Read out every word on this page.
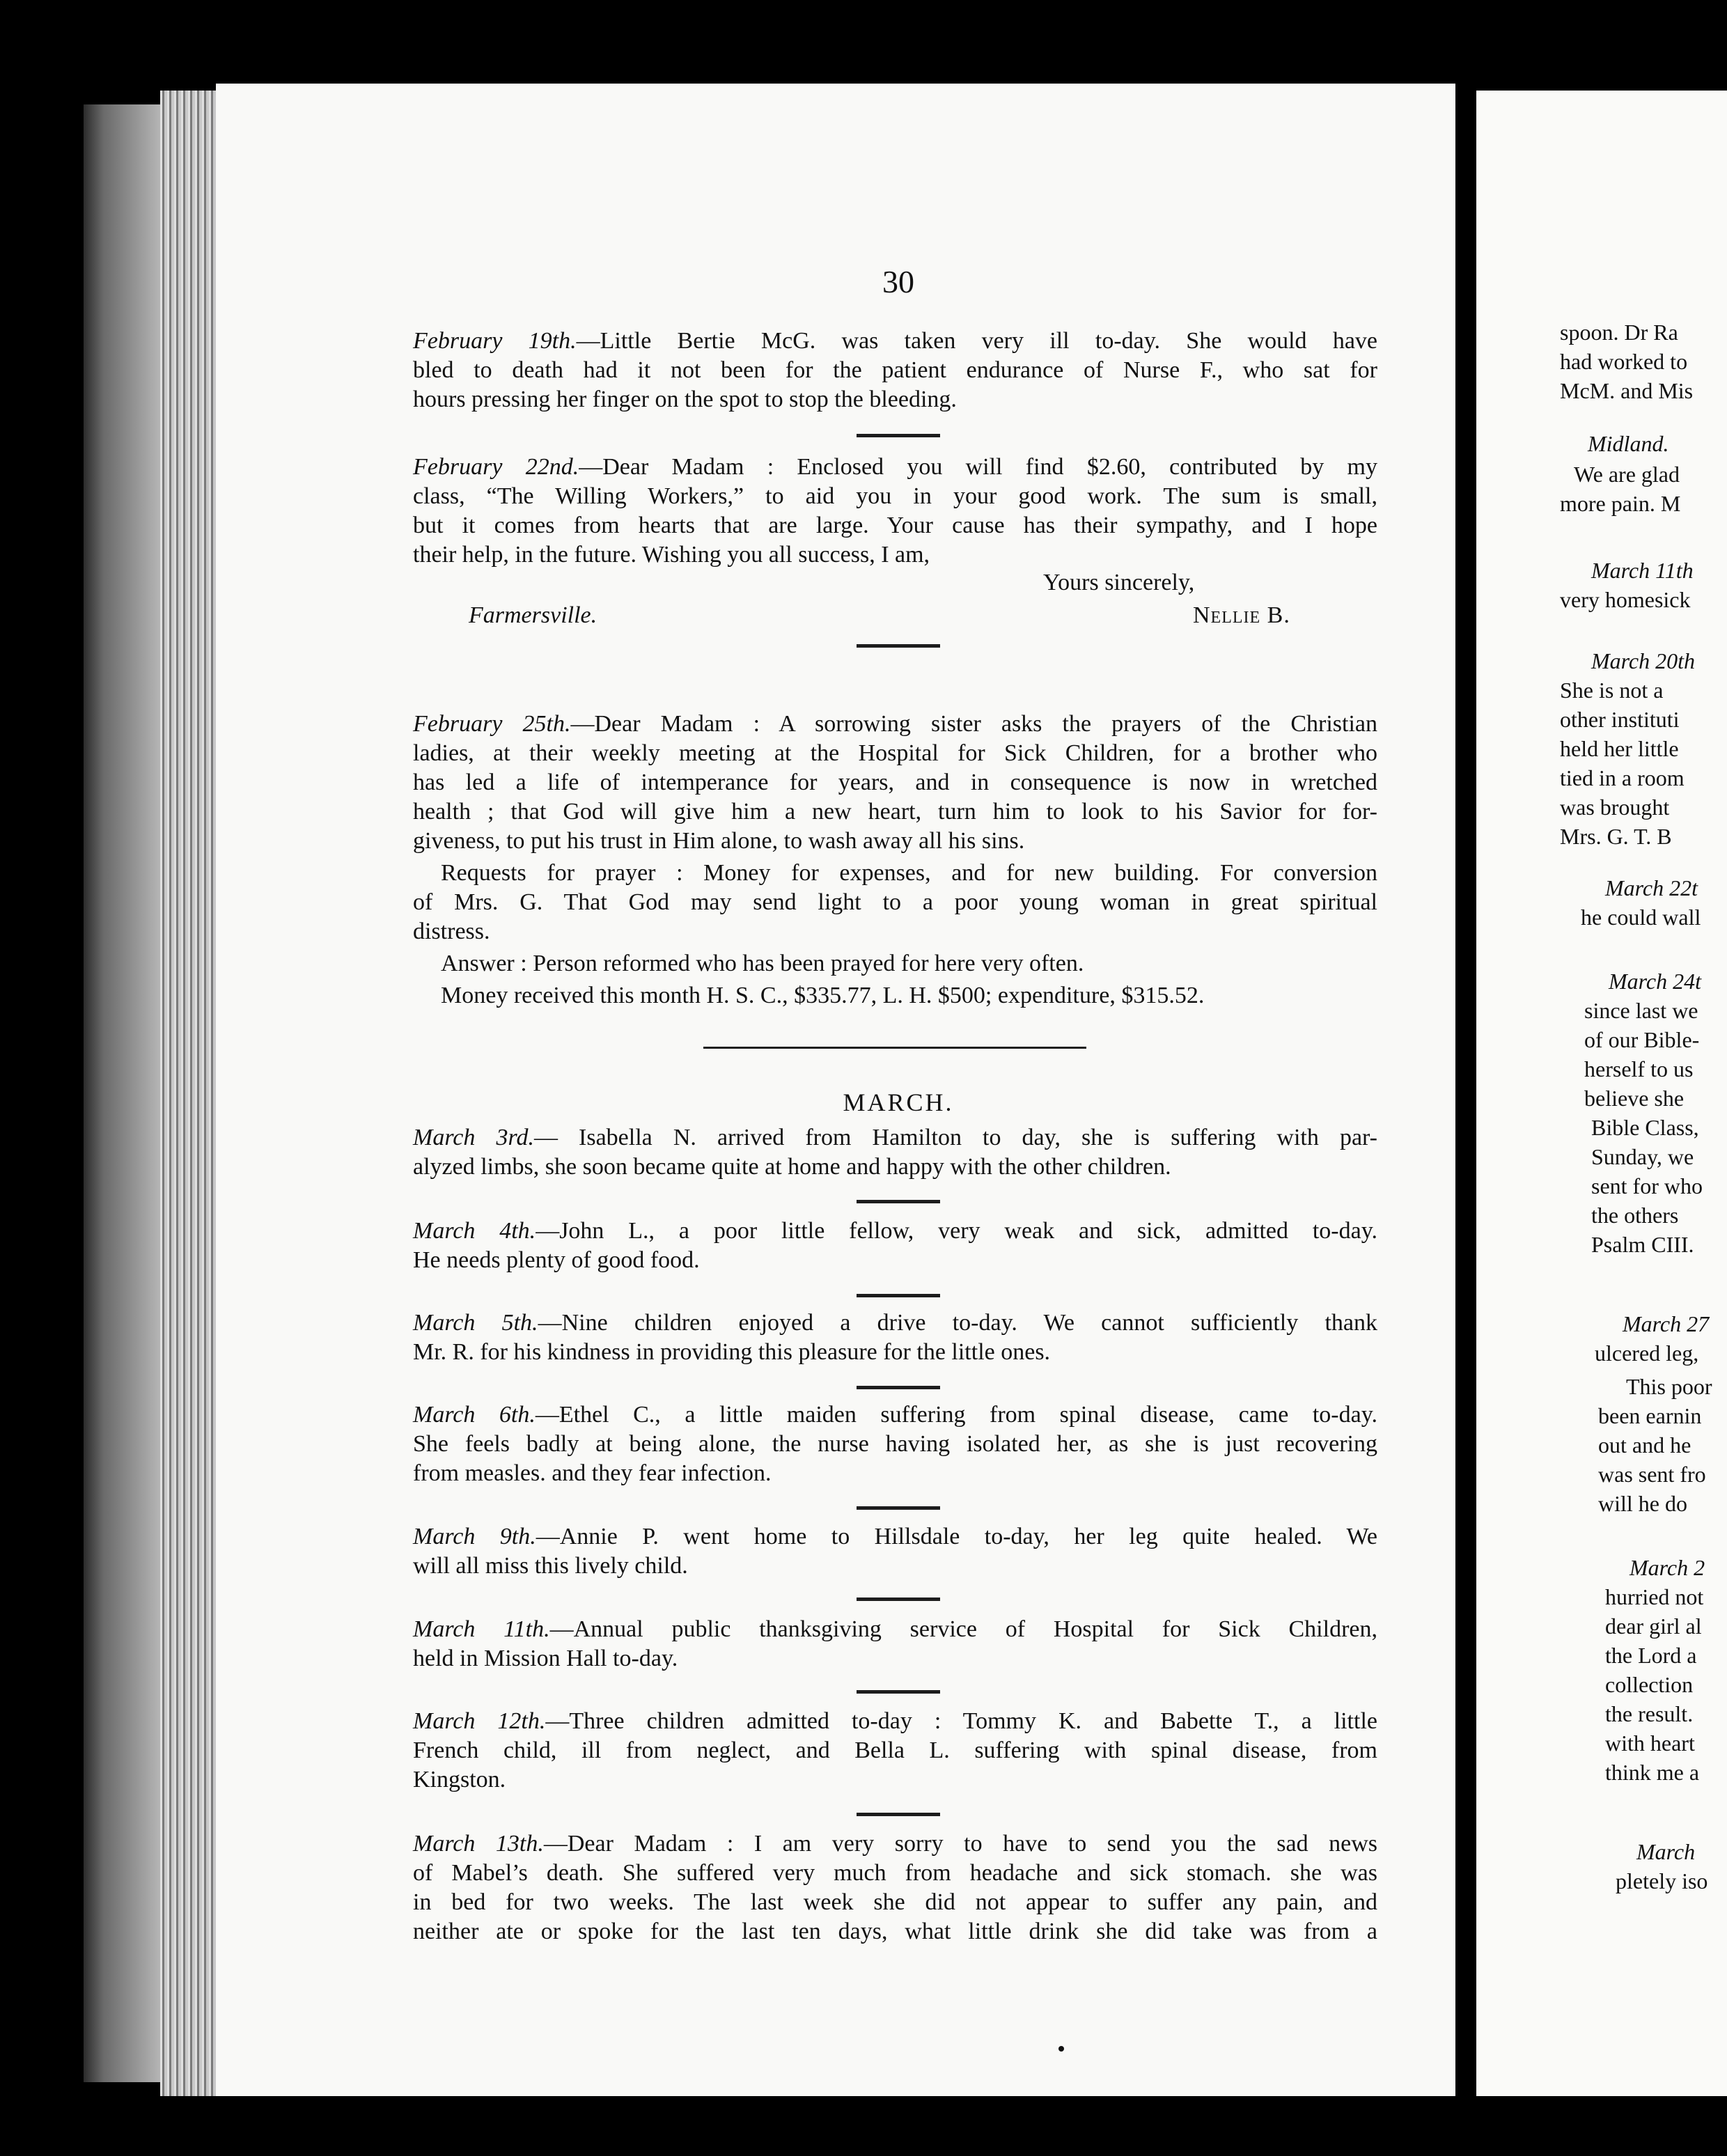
30
February 19th.—Little Bertie McG. was taken very ill to-day. She would have
bled to death had it not been for the patient endurance of Nurse F., who sat for
hours pressing her finger on the spot to stop the bleeding.
February 22nd.—Dear Madam : Enclosed you will find $2.60, contributed by my
class, “The Willing Workers,” to aid you in your good work. The sum is small,
but it comes from hearts that are large. Your cause has their sympathy, and I hope
their help, in the future. Wishing you all success, I am,
Yours sincerely,
Farmersville.	Nellie B.
February 25th.—Dear Madam : A sorrowing sister asks the prayers of the Christian
ladies, at their weekly meeting at the Hospital for Sick Children, for a brother who
has led a life of intemperance for years, and in consequence is now in wretched
health ; that God will give him a new heart, turn him to look to his Savior for for-
giveness, to put his trust in Him alone, to wash away all his sins.
Requests for prayer : Money for expenses, and for new building. For conversion
of Mrs. G. That God may send light to a poor young woman in great spiritual
distress.
Answer : Person reformed who has been prayed for here very often.
Money received this month H. S. C., $335.77, L. H. $500; expenditure, $315.52.
MARCH.
March 3rd.— Isabella N. arrived from Hamilton to day, she is suffering with par-
alyzed limbs, she soon became quite at home and happy with the other children.
March 4th.—John L., a poor little fellow, very weak and sick, admitted to-day.
He needs plenty of good food.
March 5th.—Nine children enjoyed a drive to-day. We cannot sufficiently thank
Mr. R. for his kindness in providing this pleasure for the little ones.
March 6th.—Ethel C., a little maiden suffering from spinal disease, came to-day.
She feels badly at being alone, the nurse having isolated her, as she is just recovering
from measles. and they fear infection.
March 9th.—Annie P. went home to Hillsdale to-day, her leg quite healed. We
will all miss this lively child.
March 11th.—Annual public thanksgiving service of Hospital for Sick Children,
held in Mission Hall to-day.
March 12th.—Three children admitted to-day : Tommy K. and Babette T., a little
French child, ill from neglect, and Bella L. suffering with spinal disease, from
Kingston.
March 13th.—Dear Madam : I am very sorry to have to send you the sad news
of Mabel’s death. She suffered very much from headache and sick stomach. she was
in bed for two weeks. The last week she did not appear to suffer any pain, and
neither ate or spoke for the last ten days, what little drink she did take was from a
spoon. Dr Ra
had worked to
McM. and Mis
Midland.
We are glad
more pain. M
March 11th
very homesick
March 20th
She is not a
other instituti
held her little
tied in a room
was brought
Mrs. G. T. B
March 22t
he could wall
March 24t
since last we
of our Bible-
herself to us
believe she
Bible Class,
Sunday, we
sent for who
the others
Psalm CIII.
March 27
ulcered leg,
This poor
been earnin
out and he
was sent fro
will he do
March 2
hurried not
dear girl al
the Lord a
collection
the result.
with heart
think me a
March
pletely iso
